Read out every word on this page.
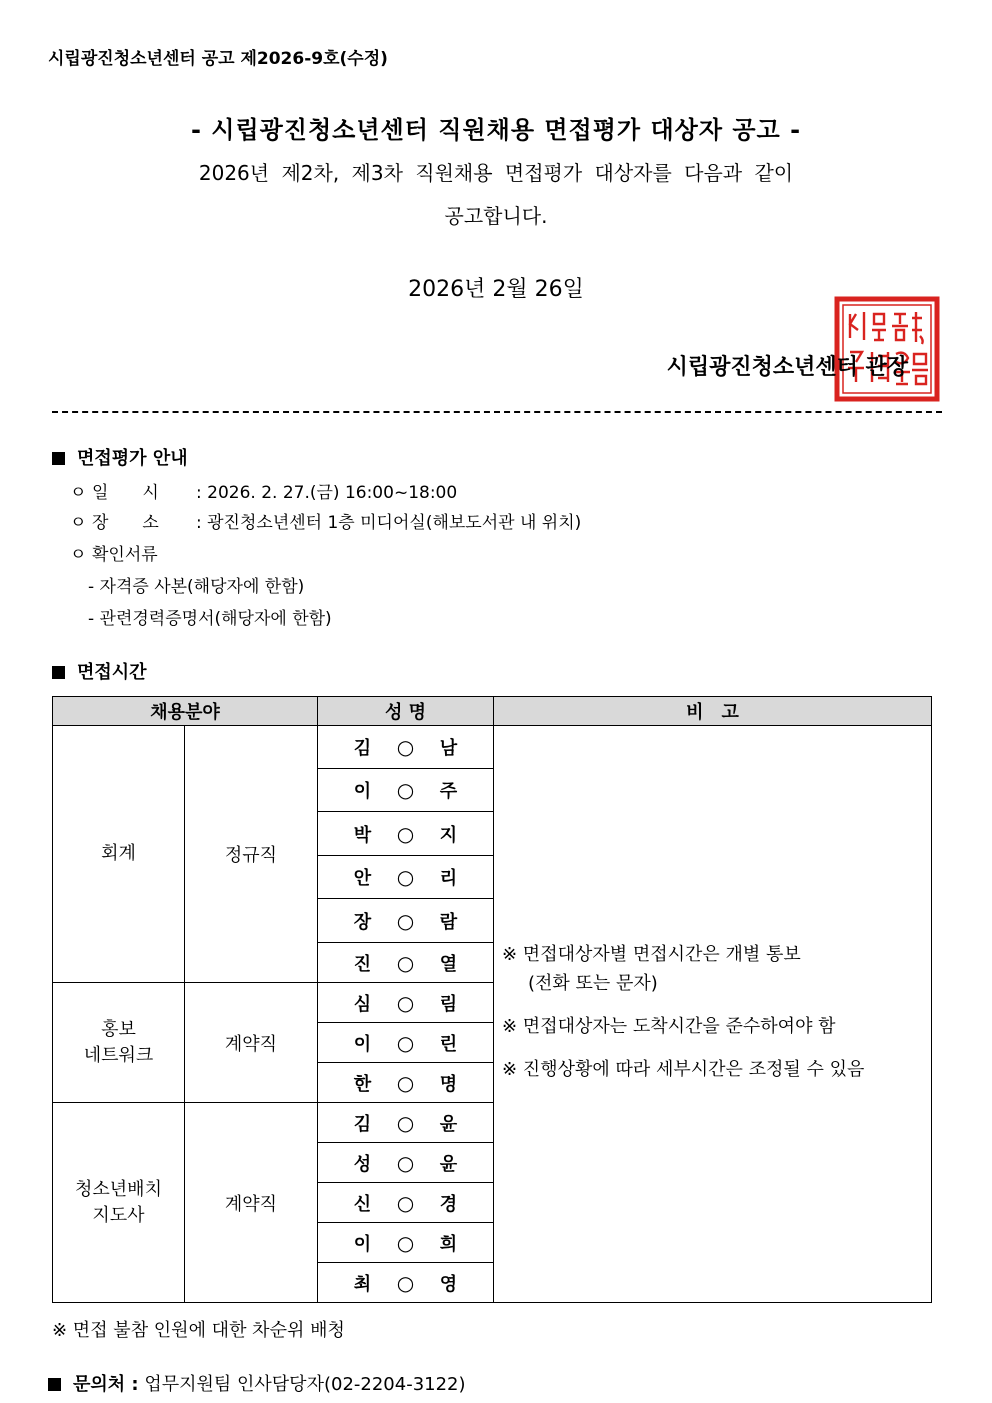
시립광진청소년센터 공고 제2026-9호(수정)
- 시립광진청소년센터 직원채용 면접평가 대상자 공고 -
2026년 제2차, 제3차 직원채용 면접평가 대상자를 다음과 같이
공고합니다.
2026년 2월 26일
시립광진청소년센터 관장
면접평가 안내
ㅇ 일　　시 : 2026. 2. 27.(금) 16:00~18:00
ㅇ 장　　소 : 광진청소년센터 1층 미디어실(해보도서관 내 위치)
ㅇ 확인서류
- 자격증 사본(해당자에 한함)
- 관련경력증명서(해당자에 한함)
면접시간
채용분야		성 명	비　고
회계	정규직	김 ○ 남	※ 면접대상자별 면접시간은 개별 통보
(전화 또는 문자)

※ 면접대상자는 도착시간을 준수하여야 함

※ 진행상황에 따라 세부시간은 조정될 수 있음

		이 ○ 주	
		박 ○ 지	
		안 ○ 리	
		장 ○ 람	
		진 ○ 열	
홍보
네트워크	계약직	심 ○ 림	
		이 ○ 린	
		한 ○ 명	
청소년배치
지도사	계약직	김 ○ 윤	
		성 ○ 윤	
		신 ○ 경	
		이 ○ 희	
		최 ○ 영	
※ 면접 불참 인원에 대한 차순위 배청
문의처 : 업무지원팀 인사담당자(02-2204-3122)
